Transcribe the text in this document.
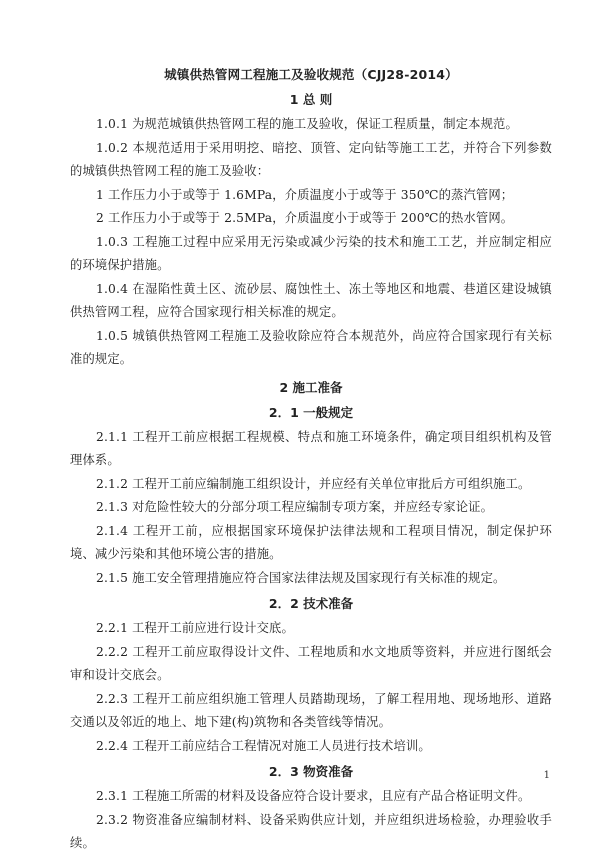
城镇供热管网工程施工及验收规范（CJJ28-2014）
1 总 则

1.0.1 为规范城镇供热管网工程的施工及验收，保证工程质量，制定本规范。

1.0.2 本规范适用于采用明挖、暗挖、顶管、定向钻等施工工艺，并符合下列参数的城镇供热管网工程的施工及验收：

1 工作压力小于或等于 1.6MPa，介质温度小于或等于 350℃的蒸汽管网；

2 工作压力小于或等于 2.5MPa，介质温度小于或等于 200℃的热水管网。

1.0.3 工程施工过程中应采用无污染或减少污染的技术和施工工艺，并应制定相应的环境保护措施。

1.0.4 在湿陷性黄土区、流砂层、腐蚀性土、冻土等地区和地震、巷道区建设城镇供热管网工程，应符合国家现行相关标准的规定。

1.0.5 城镇供热管网工程施工及验收除应符合本规范外，尚应符合国家现行有关标准的规定。

2 施工准备
2．1 一般规定

2.1.1 工程开工前应根据工程规模、特点和施工环境条件，确定项目组织机构及管理体系。

2.1.2 工程开工前应编制施工组织设计，并应经有关单位审批后方可组织施工。

2.1.3 对危险性较大的分部分项工程应编制专项方案，并应经专家论证。

2.1.4 工程开工前，应根据国家环境保护法律法规和工程项目情况，制定保护环境、减少污染和其他环境公害的措施。

2.1.5 施工安全管理措施应符合国家法律法规及国家现行有关标准的规定。

2．2 技术准备

2.2.1 工程开工前应进行设计交底。

2.2.2 工程开工前应取得设计文件、工程地质和水文地质等资料，并应进行图纸会审和设计交底会。

2.2.3 工程开工前应组织施工管理人员踏勘现场，了解工程用地、现场地形、道路交通以及邻近的地上、地下建(构)筑物和各类管线等情况。

2.2.4 工程开工前应结合工程情况对施工人员进行技术培训。

2．3 物资准备

2.3.1 工程施工所需的材料及设备应符合设计要求，且应有产品合格证明文件。

2.3.2 物资准备应编制材料、设备采购供应计划，并应组织进场检验，办理验收手续。

1
